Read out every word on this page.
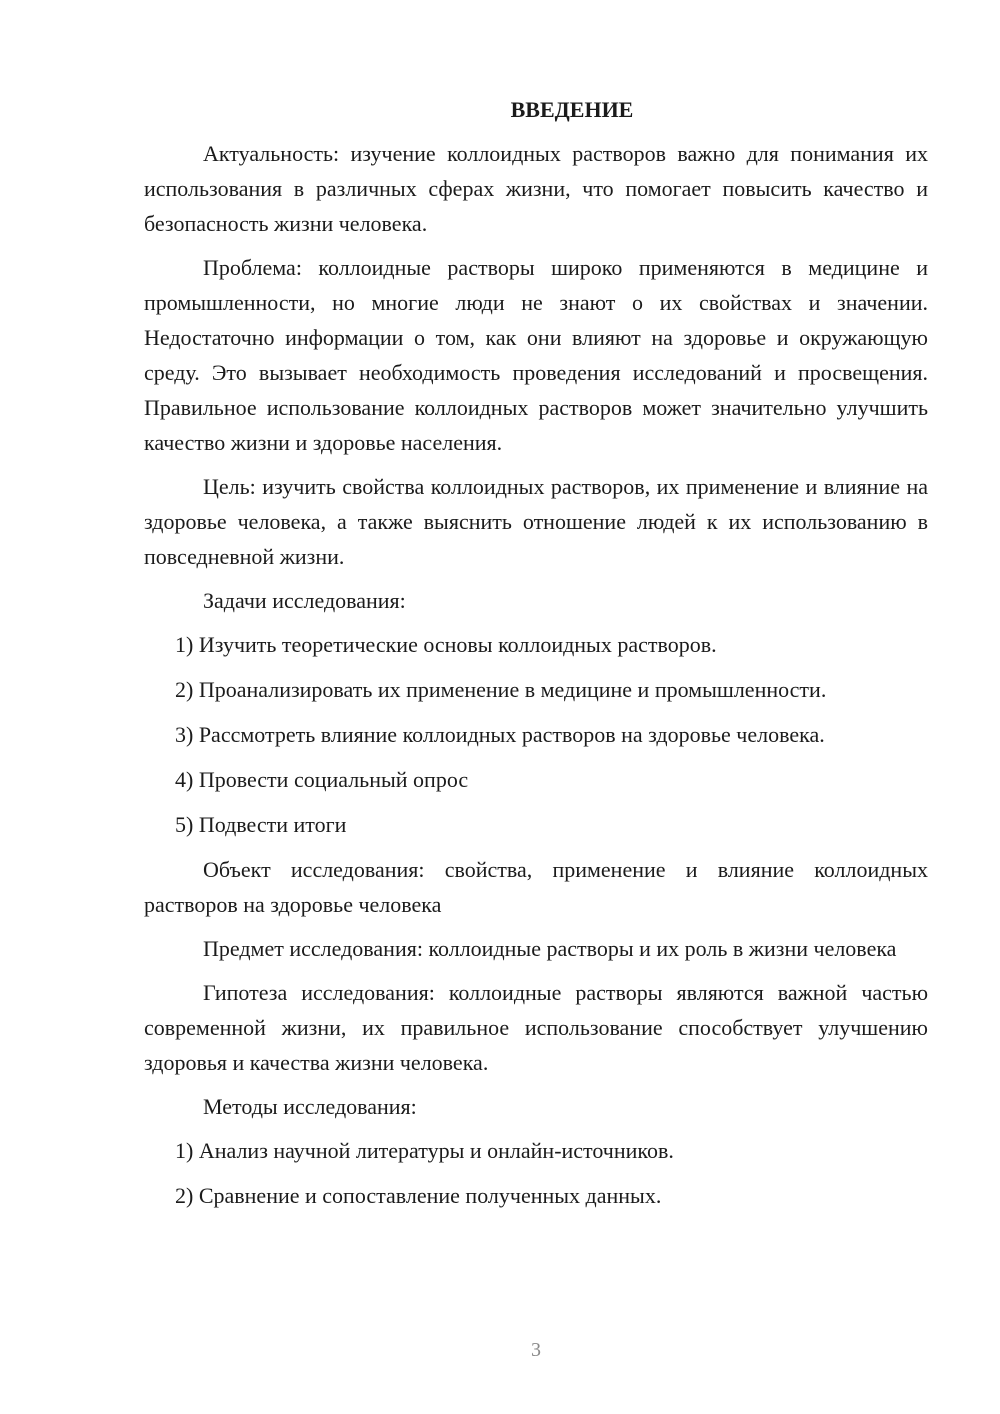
ВВЕДЕНИЕ

Актуальность: изучение коллоидных растворов важно для понимания их использования в различных сферах жизни, что помогает повысить качество и безопасность жизни человека.

Проблема: коллоидные растворы широко применяются в медицине и промышленности, но многие люди не знают о их свойствах и значении. Недостаточно информации о том, как они влияют на здоровье и окружающую среду. Это вызывает необходимость проведения исследований и просвещения. Правильное использование коллоидных растворов может значительно улучшить качество жизни и здоровье населения.

Цель: изучить свойства коллоидных растворов, их применение и влияние на здоровье человека, а также выяснить отношение людей к их использованию в повседневной жизни.

Задачи исследования:

1) Изучить теоретические основы коллоидных растворов.

2) Проанализировать их применение в медицине и промышленности.

3) Рассмотреть влияние коллоидных растворов на здоровье человека.

4) Провести социальный опрос

5) Подвести итоги

Объект исследования: свойства, применение и влияние коллоидных растворов на здоровье человека

Предмет исследования: коллоидные растворы и их роль в жизни человека

Гипотеза исследования: коллоидные растворы являются важной частью современной жизни, их правильное использование способствует улучшению здоровья и качества жизни человека.

Методы исследования:

1) Анализ научной литературы и онлайн-источников.

2) Сравнение и сопоставление полученных данных.

3
